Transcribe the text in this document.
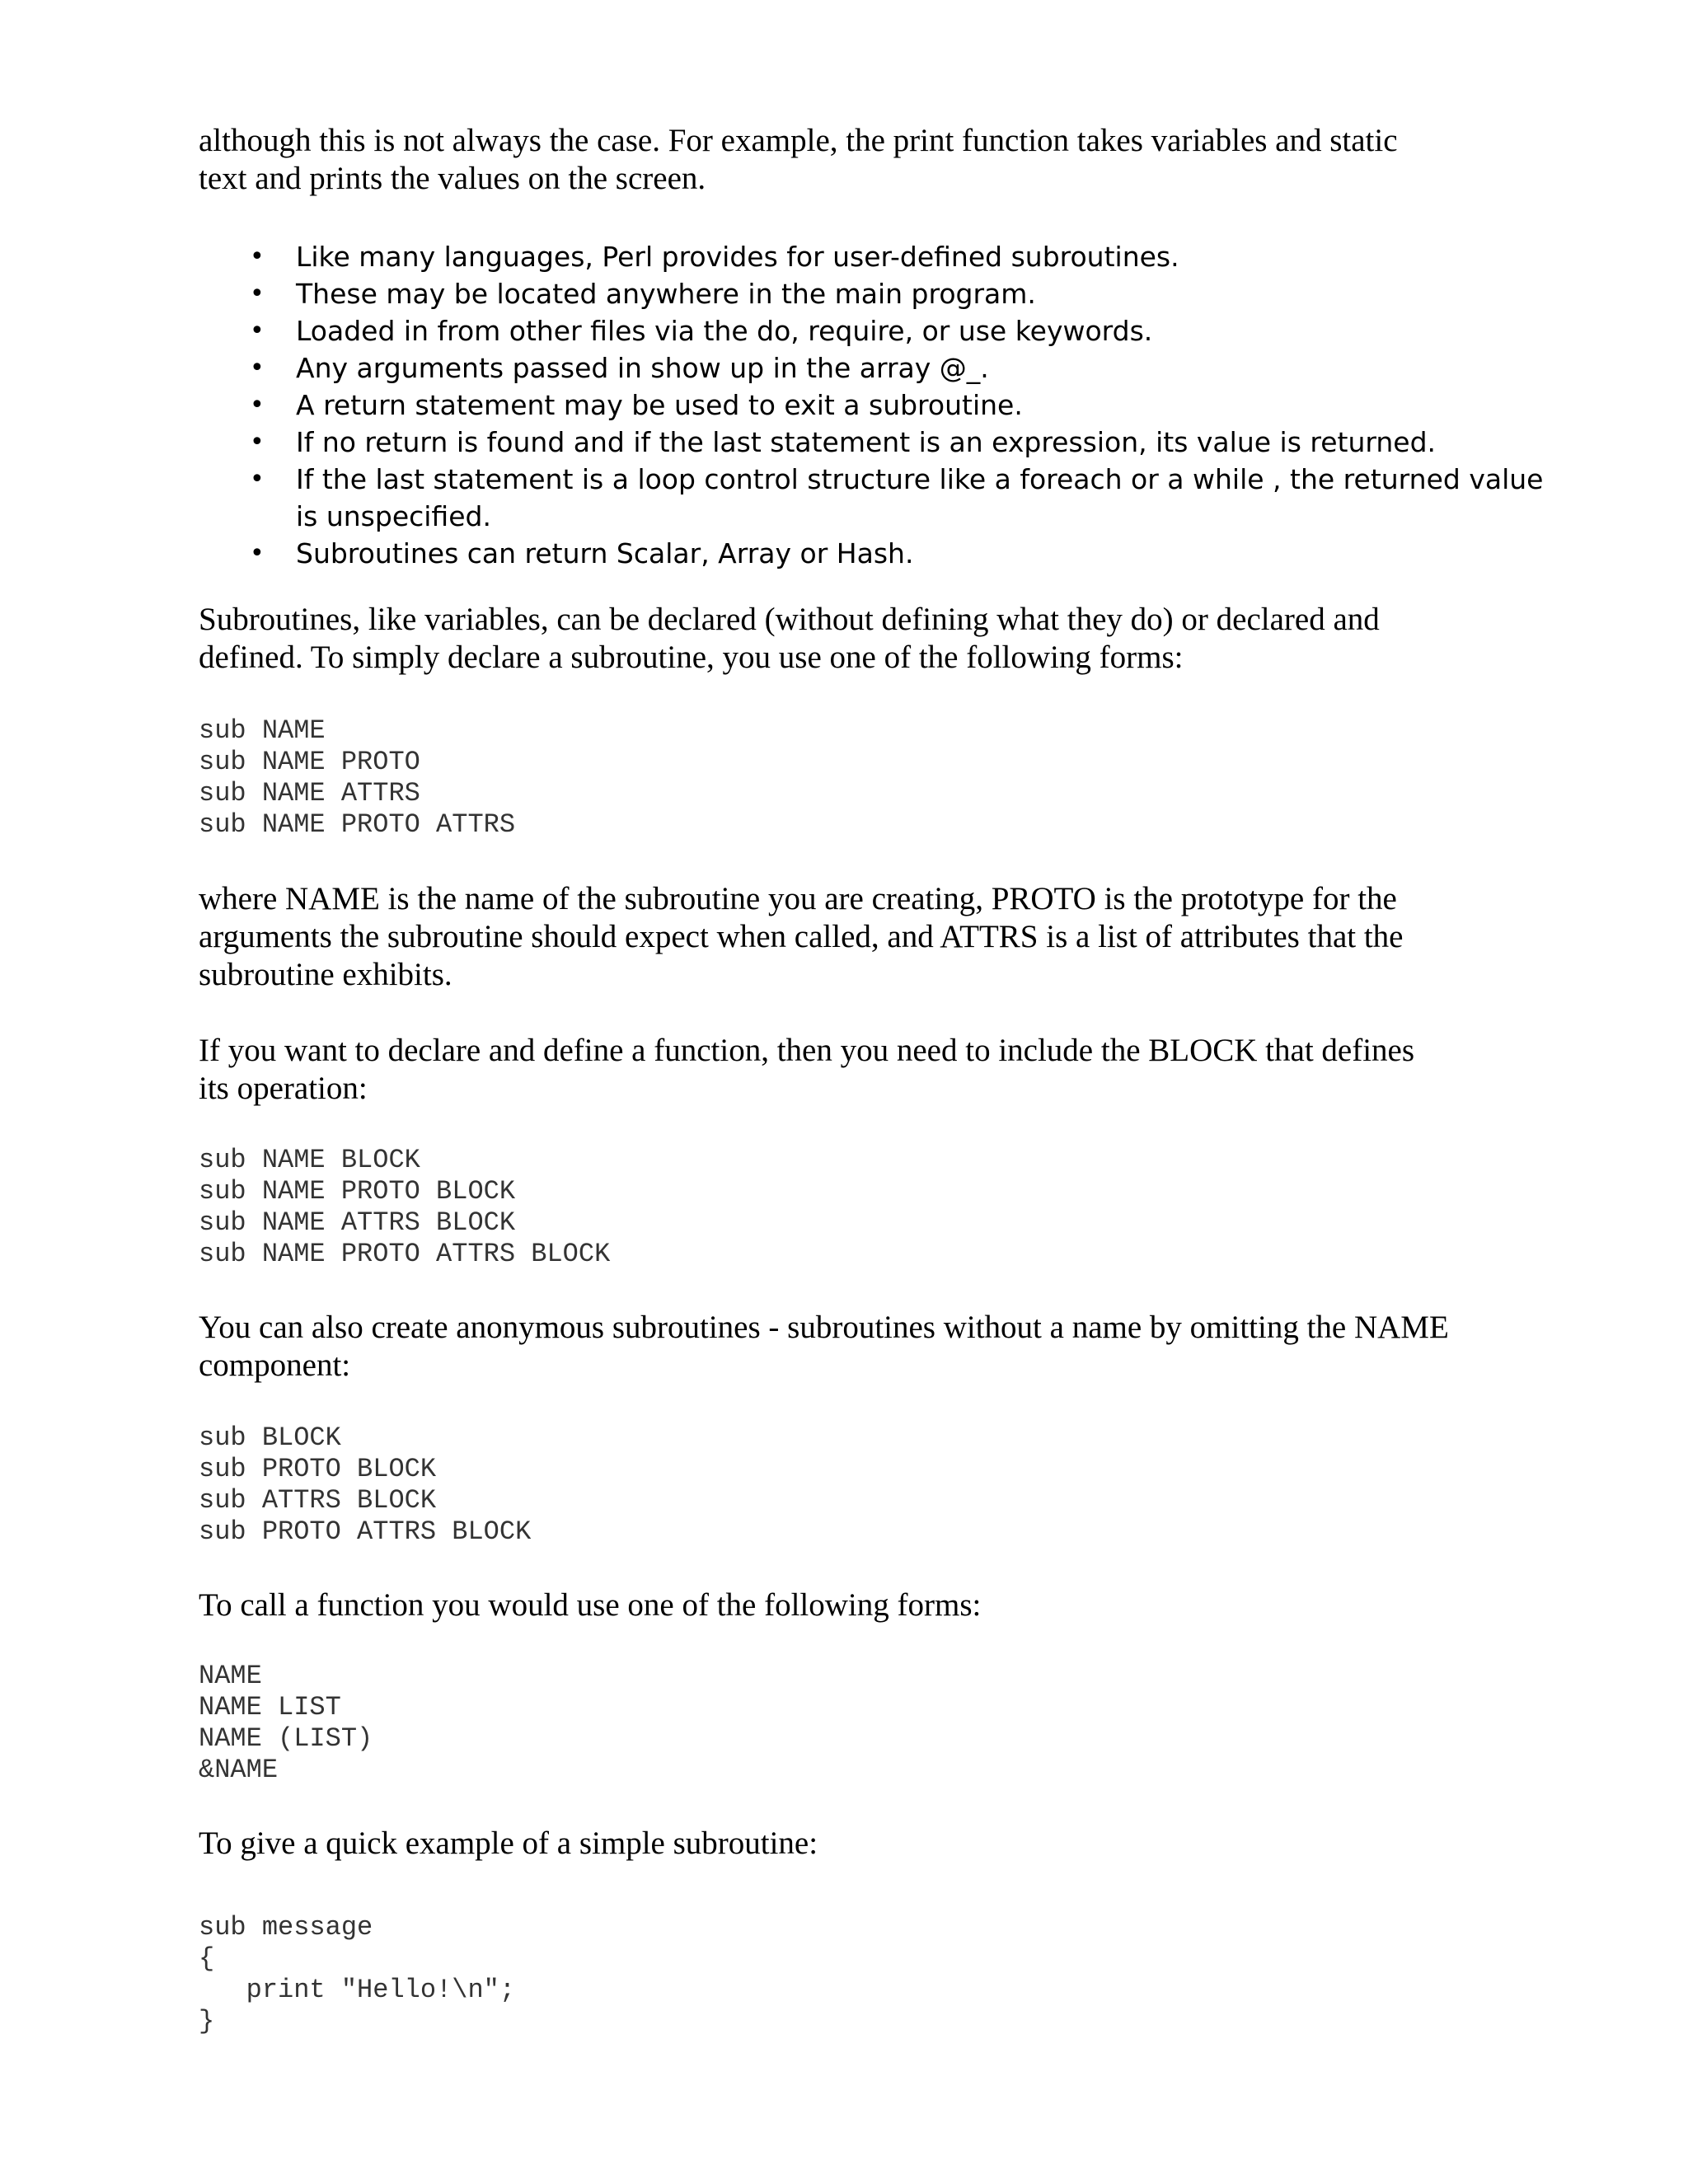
although this is not always the case. For example, the print function takes variables and static
text and prints the values on the screen.

• Like many languages, Perl provides for user-defined subroutines.
• These may be located anywhere in the main program.
• Loaded in from other files via the do, require, or use keywords.
• Any arguments passed in show up in the array @_.
• A return statement may be used to exit a subroutine.
• If no return is found and if the last statement is an expression, its value is returned.
• If the last statement is a loop control structure like a foreach or a while , the returned value is unspecified.
• Subroutines can return Scalar, Array or Hash.

Subroutines, like variables, can be declared (without defining what they do) or declared and
defined. To simply declare a subroutine, you use one of the following forms:

sub NAME
sub NAME PROTO
sub NAME ATTRS
sub NAME PROTO ATTRS

where NAME is the name of the subroutine you are creating, PROTO is the prototype for the
arguments the subroutine should expect when called, and ATTRS is a list of attributes that the
subroutine exhibits.

If you want to declare and define a function, then you need to include the BLOCK that defines
its operation:

sub NAME BLOCK
sub NAME PROTO BLOCK
sub NAME ATTRS BLOCK
sub NAME PROTO ATTRS BLOCK

You can also create anonymous subroutines - subroutines without a name by omitting the NAME
component:

sub BLOCK
sub PROTO BLOCK
sub ATTRS BLOCK
sub PROTO ATTRS BLOCK

To call a function you would use one of the following forms:

NAME
NAME LIST
NAME (LIST)
&NAME

To give a quick example of a simple subroutine:

sub message
{
print "Hello!\n";
}
